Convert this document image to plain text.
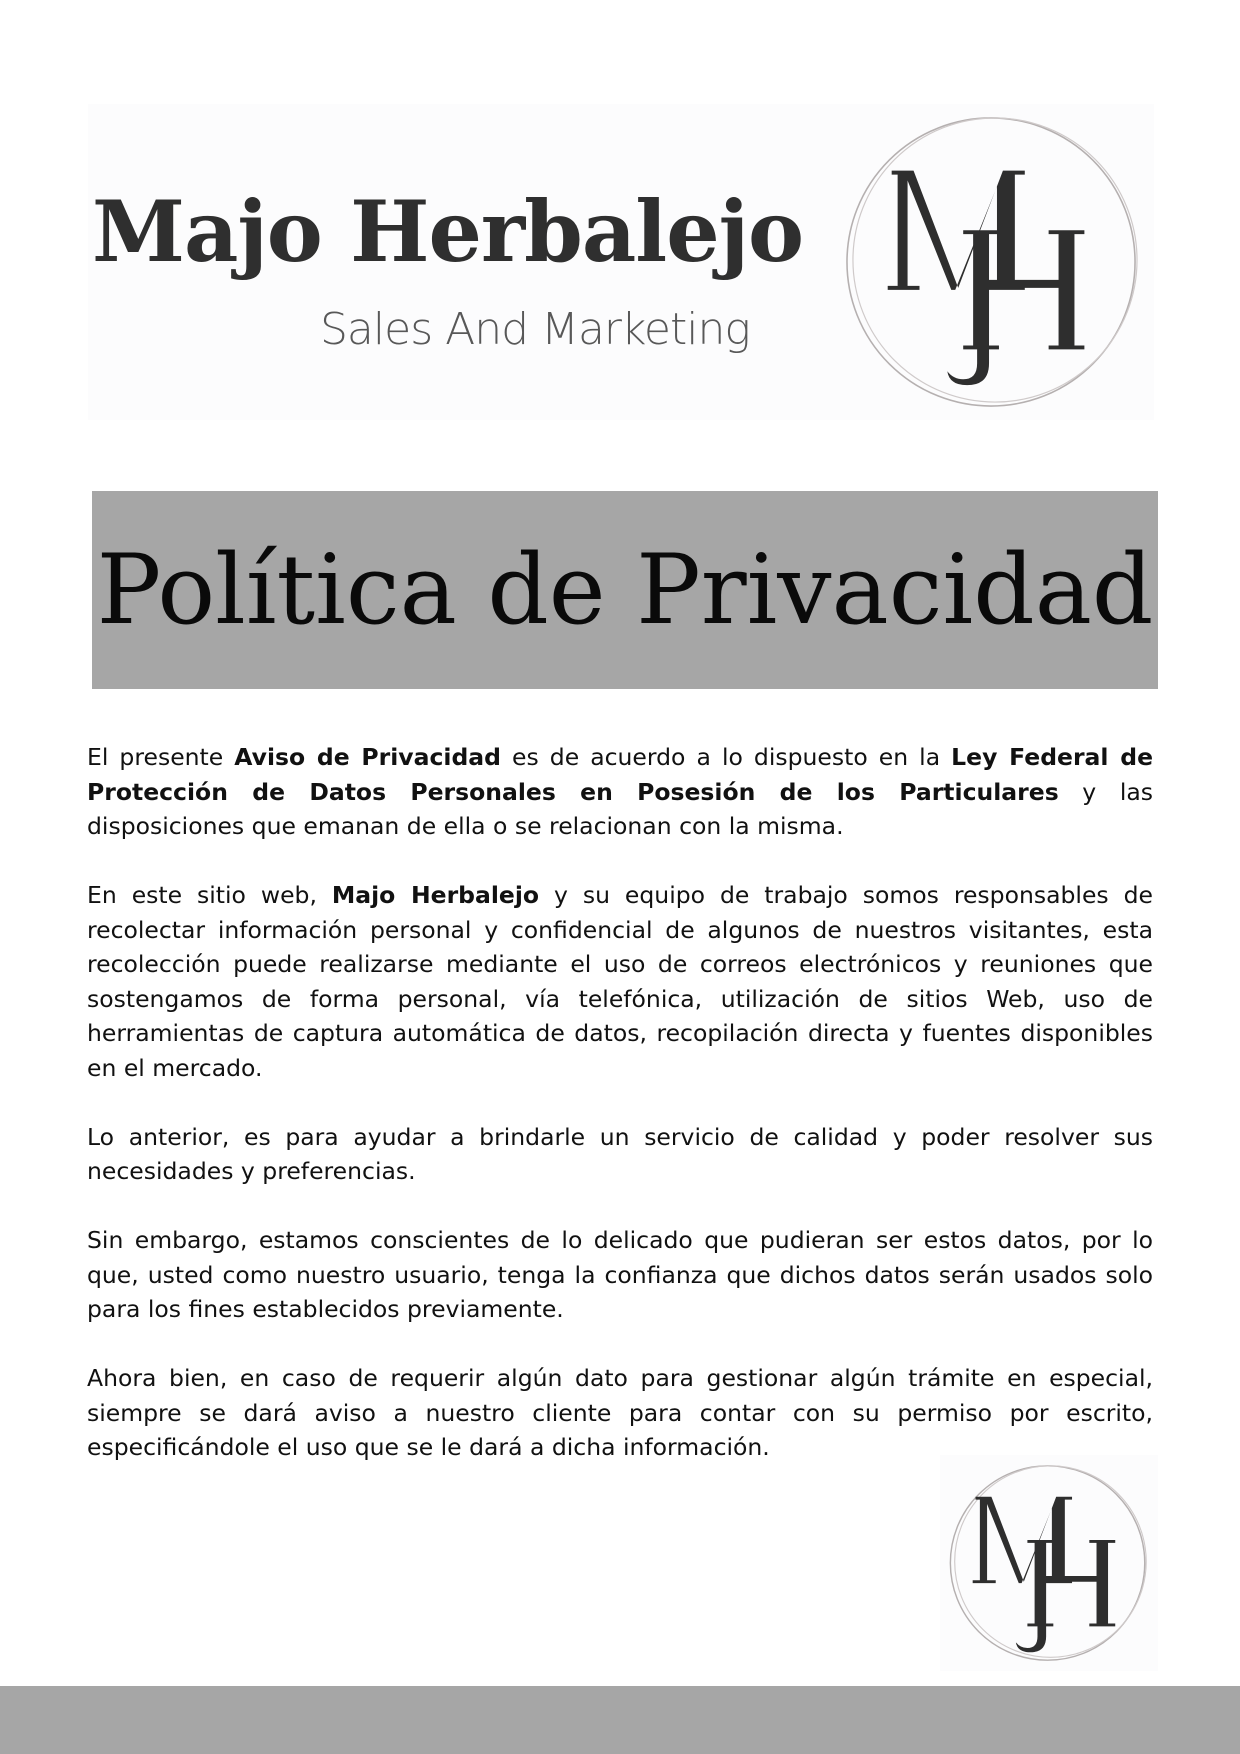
Majo Herbalejo

Sales And Marketing

Política de Privacidad

El presente Aviso de Privacidad es de acuerdo a lo dispuesto en la Ley Federal de Protección de Datos Personales en Posesión de los Particulares y las disposiciones que emanan de ella o se relacionan con la misma.

En este sitio web, Majo Herbalejo y su equipo de trabajo somos responsables de recolectar información personal y confidencial de algunos de nuestros visitantes, esta recolección puede realizarse mediante el uso de correos electrónicos y reuniones que sostengamos de forma personal, vía telefónica, utilización de sitios Web, uso de herramientas de captura automática de datos, recopilación directa y fuentes disponibles en el mercado.

Lo anterior, es para ayudar a brindarle un servicio de calidad y poder resolver sus necesidades y preferencias.

Sin embargo, estamos conscientes de lo delicado que pudieran ser estos datos, por lo que, usted como nuestro usuario, tenga la confianza que dichos datos serán usados solo para los fines establecidos previamente.

Ahora bien, en caso de requerir algún dato para gestionar algún trámite en especial, siempre se dará aviso a nuestro cliente para contar con su permiso por escrito, especificándole el uso que se le dará a dicha información.
